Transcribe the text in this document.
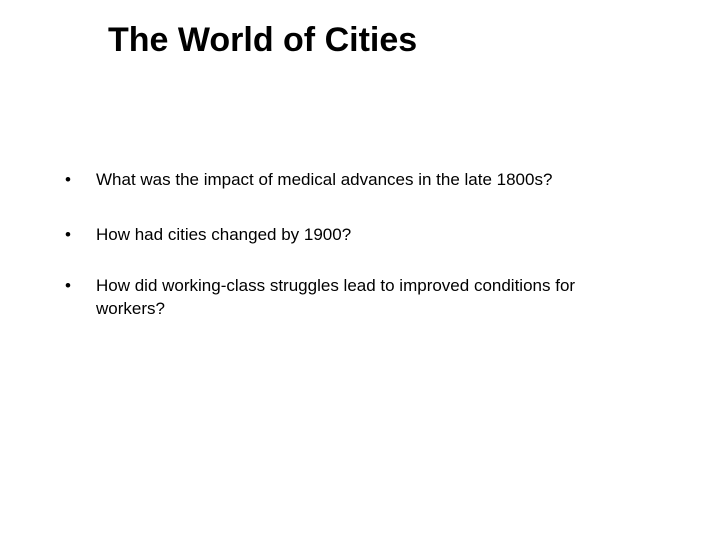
The World of Cities
•	What was the impact of medical advances in the late 1800s?
•	How had cities changed by 1900?
•	How did working-class struggles lead to improved conditions for workers?
